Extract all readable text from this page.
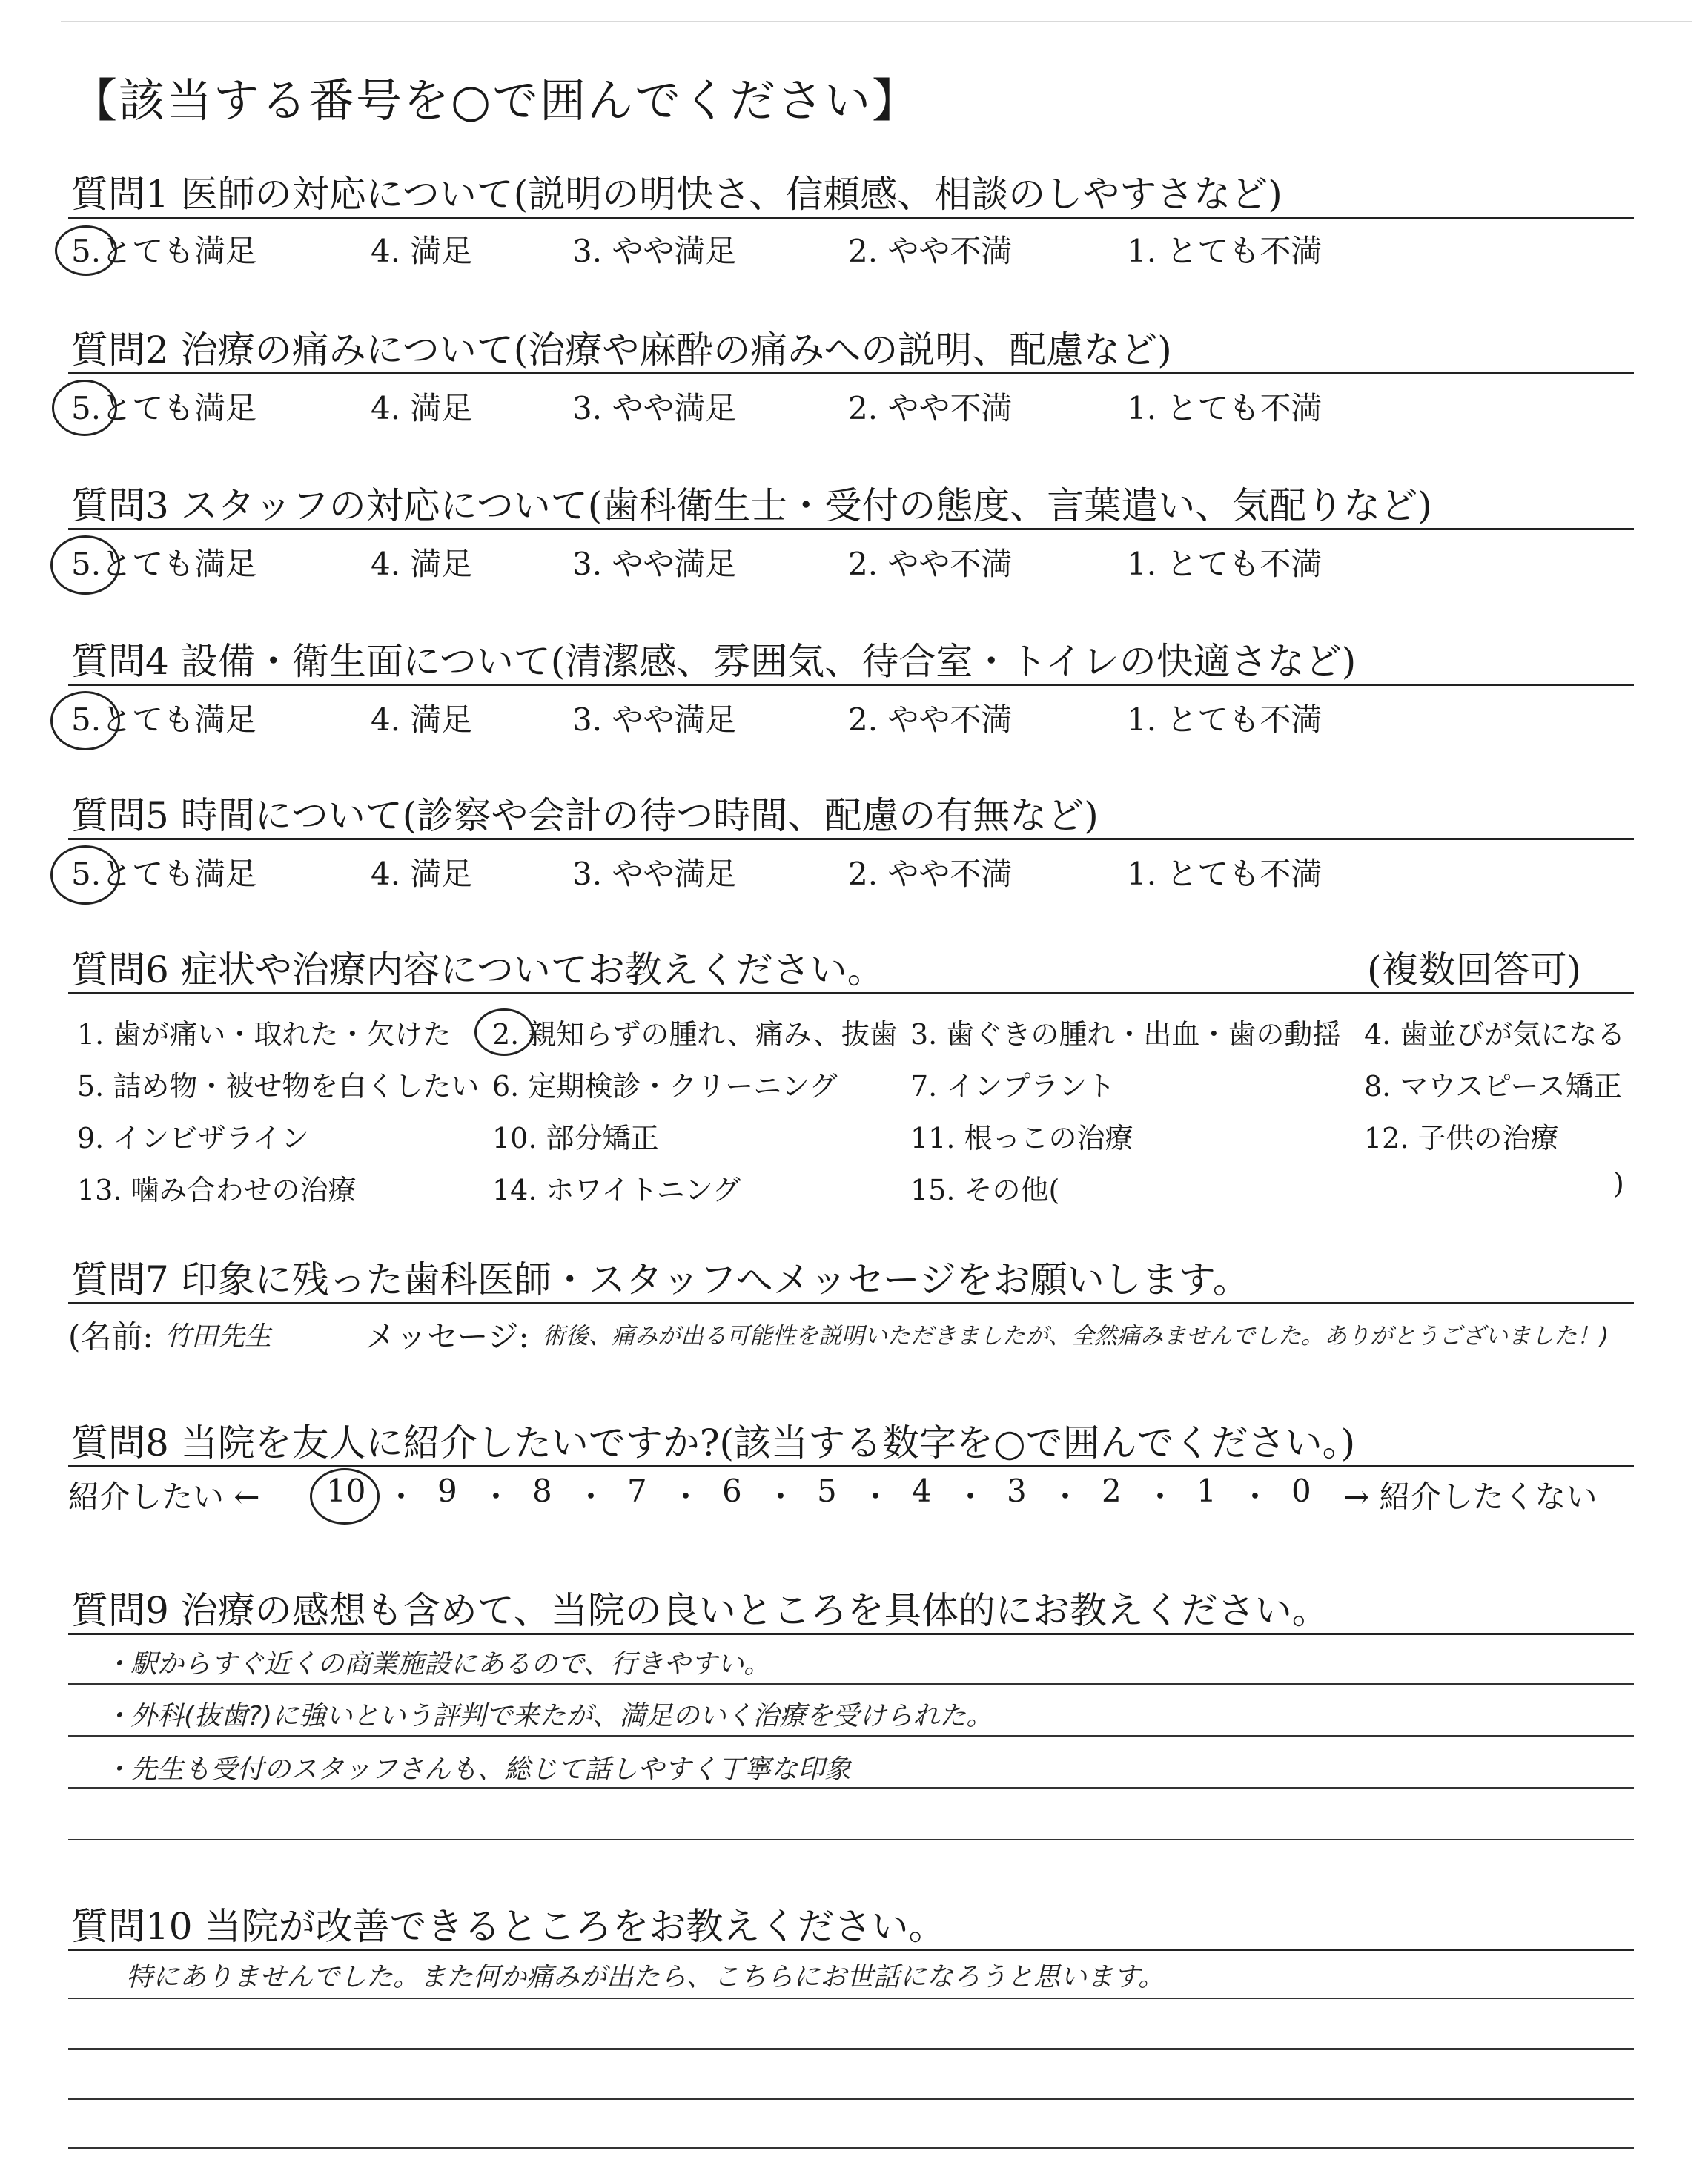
【該当する番号を○で囲んでください】
質問1 医師の対応について(説明の明快さ、信頼感、相談のしやすさなど)
5.とても満足	4. 満足	3. やや満足	2. やや不満	1. とても不満
質問2 治療の痛みについて(治療や麻酔の痛みへの説明、配慮など)
5.とても満足	4. 満足	3. やや満足	2. やや不満	1. とても不満
質問3 スタッフの対応について(歯科衛生士・受付の態度、言葉遣い、気配りなど)
5.とても満足	4. 満足	3. やや満足	2. やや不満	1. とても不満
質問4 設備・衛生面について(清潔感、雰囲気、待合室・トイレの快適さなど)
5.とても満足	4. 満足	3. やや満足	2. やや不満	1. とても不満
質問5 時間について(診察や会計の待つ時間、配慮の有無など)
5.とても満足	4. 満足	3. やや満足	2. やや不満	1. とても不満
質問6 症状や治療内容についてお教えください。	(複数回答可)
1. 歯が痛い・取れた・欠けた 2. 親知らずの腫れ、痛み、抜歯 3. 歯ぐきの腫れ・出血・歯の動揺 4. 歯並びが気になる
5. 詰め物・被せ物を白くしたい 6. 定期検診・クリーニング	7. インプラント	8. マウスピース矯正
9. インビザライン	10. 部分矯正	11. 根っこの治療	12. 子供の治療
13. 噛み合わせの治療	14. ホワイトニング	15. その他(	)
質問7 印象に残った歯科医師・スタッフへメッセージをお願いします。
(名前: 竹田先生	メッセージ: 術後、痛みが出る可能性を説明いただきましたが、全然痛みませんでした。ありがとうございました！)
質問8 当院を友人に紹介したいですか?(該当する数字を○で囲んでください。)
紹介したい ← 10 ・ 9 ・ 8 ・ 7 ・ 6 ・ 5 ・ 4 ・ 3 ・ 2 ・ 1 ・ 0 → 紹介したくない
質問9 治療の感想も含めて、当院の良いところを具体的にお教えください。
・駅からすぐ近くの商業施設にあるので、行きやすい。
・外科(抜歯?)に強いという評判で来たが、満足のいく治療を受けられた。
・先生も受付のスタッフさんも、総じて話しやすく丁寧な印象
質問10 当院が改善できるところをお教えください。
特にありませんでした。また何か痛みが出たら、こちらにお世話になろうと思います。
